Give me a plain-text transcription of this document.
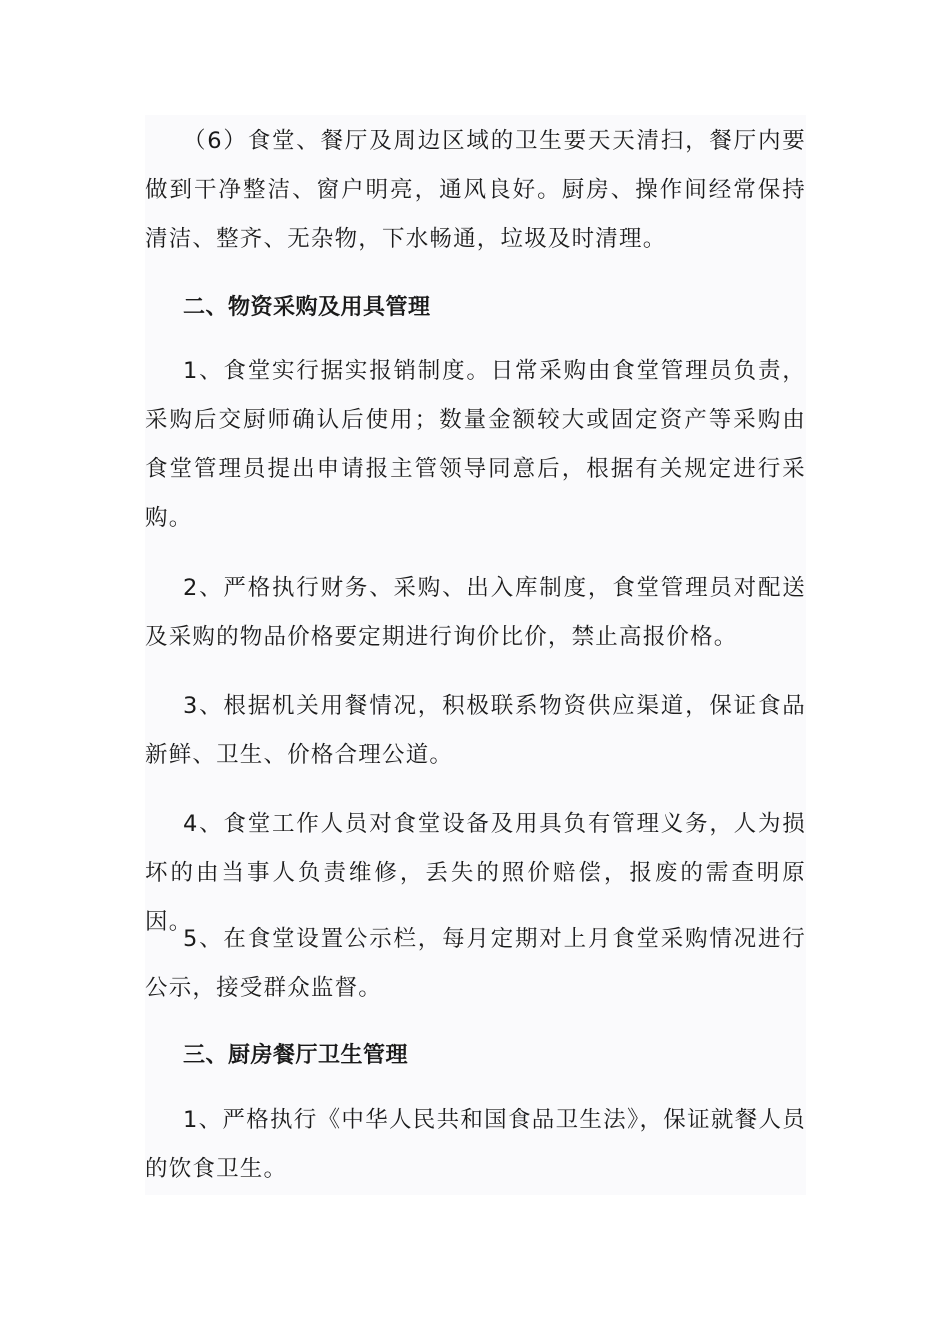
（6）食堂、餐厅及周边区域的卫生要天天清扫，餐厅内要做到干净整洁、窗户明亮，通风良好。厨房、操作间经常保持清洁、整齐、无杂物，下水畅通，垃圾及时清理。

二、物资采购及用具管理

1、食堂实行据实报销制度。日常采购由食堂管理员负责，采购后交厨师确认后使用；数量金额较大或固定资产等采购由食堂管理员提出申请报主管领导同意后，根据有关规定进行采购。

2、严格执行财务、采购、出入库制度，食堂管理员对配送及采购的物品价格要定期进行询价比价，禁止高报价格。

3、根据机关用餐情况，积极联系物资供应渠道，保证食品新鲜、卫生、价格合理公道。

4、食堂工作人员对食堂设备及用具负有管理义务，人为损坏的由当事人负责维修，丢失的照价赔偿，报废的需查明原因。

5、在食堂设置公示栏，每月定期对上月食堂采购情况进行公示，接受群众监督。

三、厨房餐厅卫生管理

1、严格执行《中华人民共和国食品卫生法》，保证就餐人员的饮食卫生。
